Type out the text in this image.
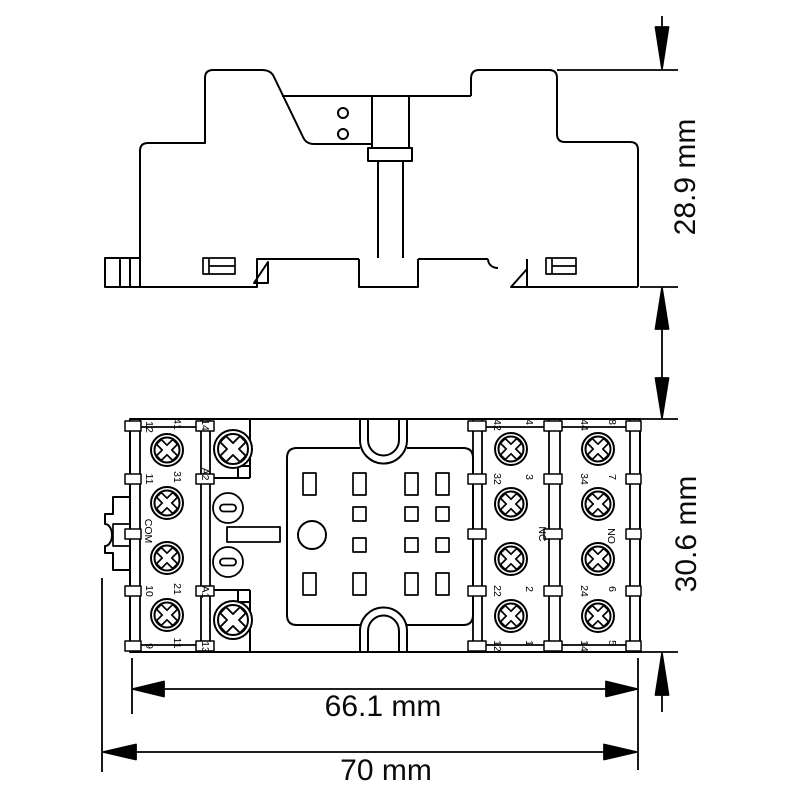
28.9 mm
30.6 mm
66.1 mm
70 mm
12 41
11 31
COM
10 21
9 11
14
A2
A1
13
42 4
32 3
NC
22 2
12 1
44 8
34 7
NO
24 6
14 5
